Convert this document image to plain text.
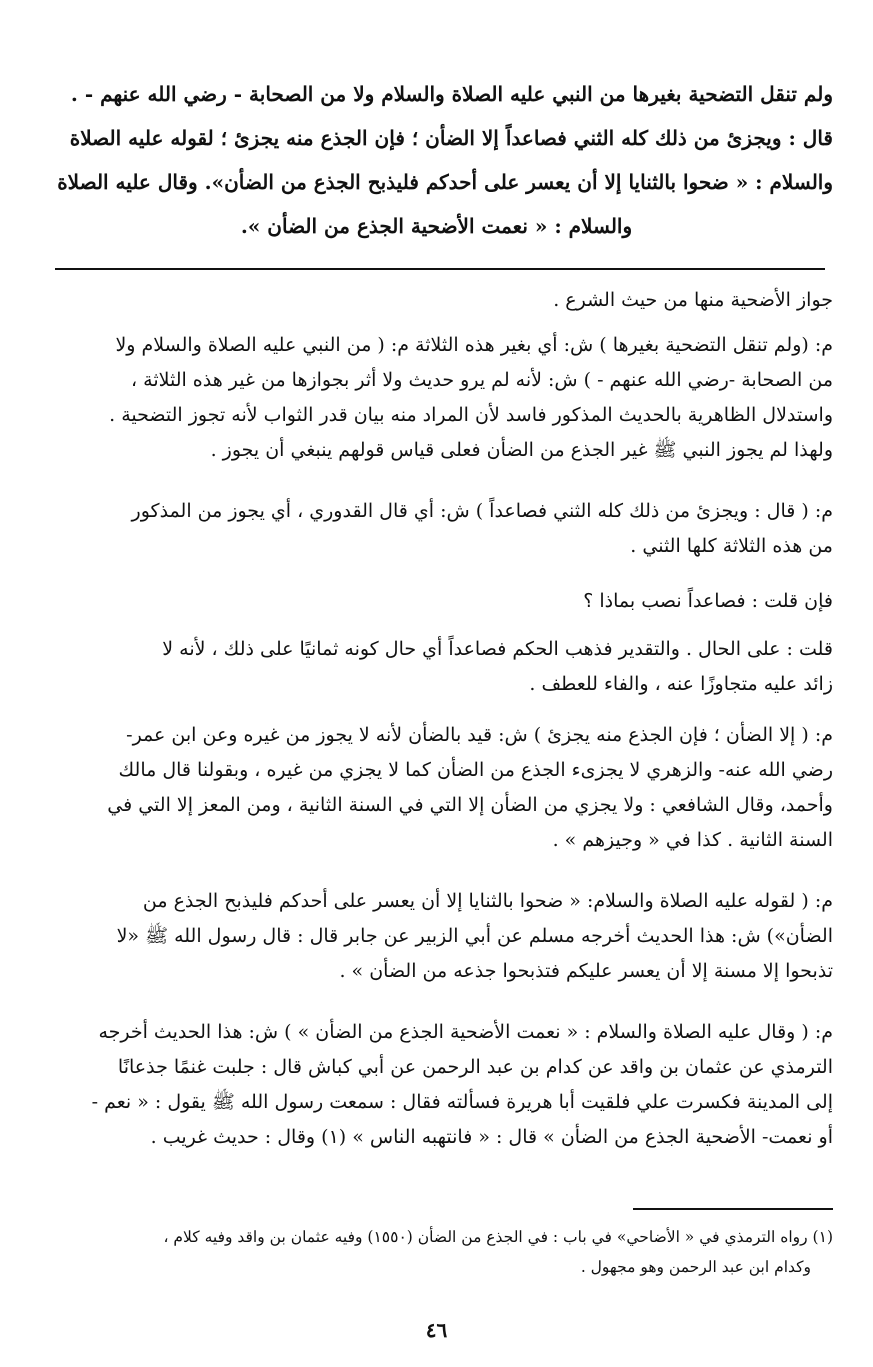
ولم تنقل التضحية بغيرها من النبي عليه الصلاة والسلام ولا من الصحابة - رضي الله عنهم - .
قال : ويجزئ من ذلك كله الثني فصاعداً إلا الضأن ؛ فإن الجذع منه يجزئ ؛ لقوله عليه الصلاة
والسلام : « ضحوا بالثنايا إلا أن يعسر على أحدكم فليذبح الجذع من الضأن». وقال عليه الصلاة
والسلام : « نعمت الأضحية الجذع من الضأن ».
جواز الأضحية منها من حيث الشرع .
م: (ولم تنقل التضحية بغيرها ) ش: أي بغير هذه الثلاثة م: ( من النبي عليه الصلاة والسلام ولا
من الصحابة -رضي الله عنهم - ) ش: لأنه لم يرو حديث ولا أثر بجوازها من غير هذه الثلاثة ،
واستدلال الظاهرية بالحديث المذكور فاسد لأن المراد منه بيان قدر الثواب لأنه تجوز التضحية .
ولهذا لم يجوز النبي ﷺ غير الجذع من الضأن فعلى قياس قولهم ينبغي أن يجوز .
م: ( قال : ويجزئ من ذلك كله الثني فصاعداً ) ش: أي قال القدوري ، أي يجوز من المذكور
من هذه الثلاثة كلها الثني .
فإن قلت : فصاعداً نصب بماذا ؟
قلت : على الحال . والتقدير فذهب الحكم فصاعداً أي حال كونه ثمانيًا على ذلك ، لأنه لا
زائد عليه متجاوزًا عنه ، والفاء للعطف .
م: ( إلا الضأن ؛ فإن الجذع منه يجزئ ) ش: قيد بالضأن لأنه لا يجوز من غيره وعن ابن عمر-
رضي الله عنه- والزهري لا يجزىء الجذع من الضأن كما لا يجزي من غيره ، وبقولنا قال مالك
وأحمد، وقال الشافعي : ولا يجزي من الضأن إلا التي في السنة الثانية ، ومن المعز إلا التي في
السنة الثانية . كذا في « وجيزهم » .
م: ( لقوله عليه الصلاة والسلام: « ضحوا بالثنايا إلا أن يعسر على أحدكم فليذبح الجذع من
الضأن») ش: هذا الحديث أخرجه مسلم عن أبي الزبير عن جابر قال : قال رسول الله ﷺ «لا
تذبحوا إلا مسنة إلا أن يعسر عليكم فتذبحوا جذعه من الضأن » .
م: ( وقال عليه الصلاة والسلام : « نعمت الأضحية الجذع من الضأن » ) ش: هذا الحديث أخرجه
الترمذي عن عثمان بن واقد عن كدام بن عبد الرحمن عن أبي كباش قال : جلبت غنمًا جذعانًا
إلى المدينة فكسرت علي فلقيت أبا هريرة فسألته فقال : سمعت رسول الله ﷺ يقول : « نعم -
أو نعمت- الأضحية الجذع من الضأن » قال : « فانتهبه الناس » (١) وقال : حديث غريب .
(١) رواه الترمذي في « الأضاحي» في باب : في الجذع من الضأن (١٥٥٠) وفيه عثمان بن واقد وفيه كلام ،
وكدام ابن عبد الرحمن وهو مجهول .
٤٦
